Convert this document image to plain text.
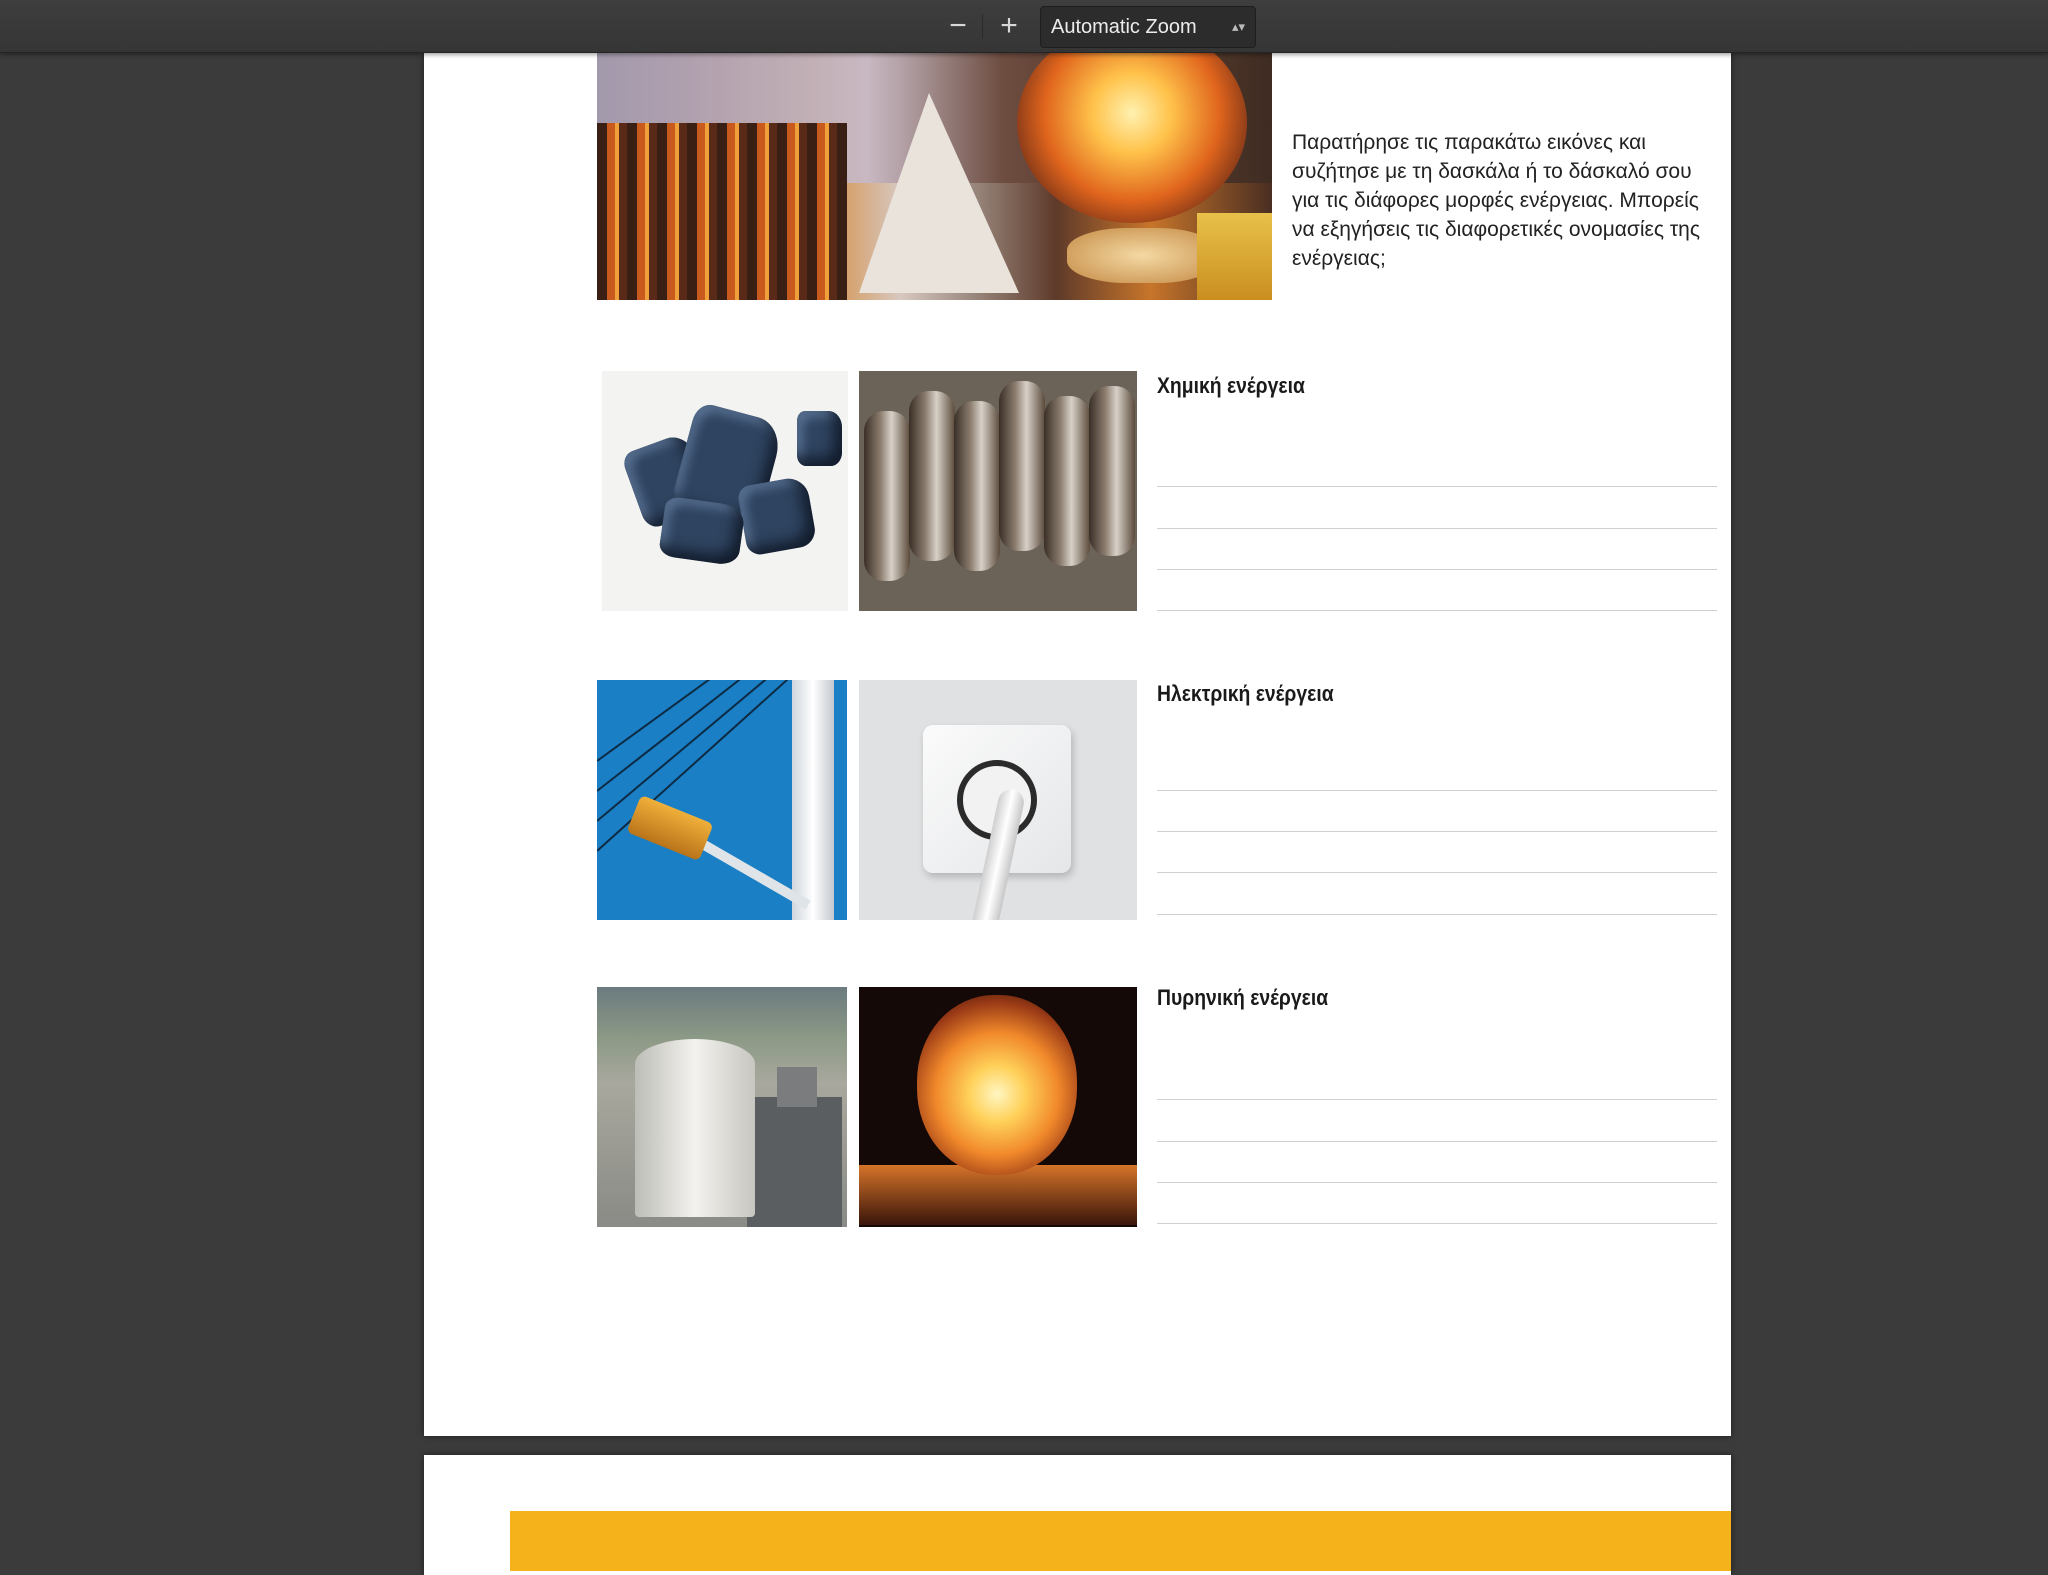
−	+	Automatic Zoom	▴▾
Παρατήρησε τις παρακάτω εικόνες και συζήτησε με τη δασκάλα ή το δάσκαλό σου για τις διάφορες μορφές ενέργειας. Μπορείς να εξηγήσεις τις διαφορετικές ονομασίες της ενέργειας;
Χημική ενέργεια
Ηλεκτρική ενέργεια
Πυρηνική ενέργεια
